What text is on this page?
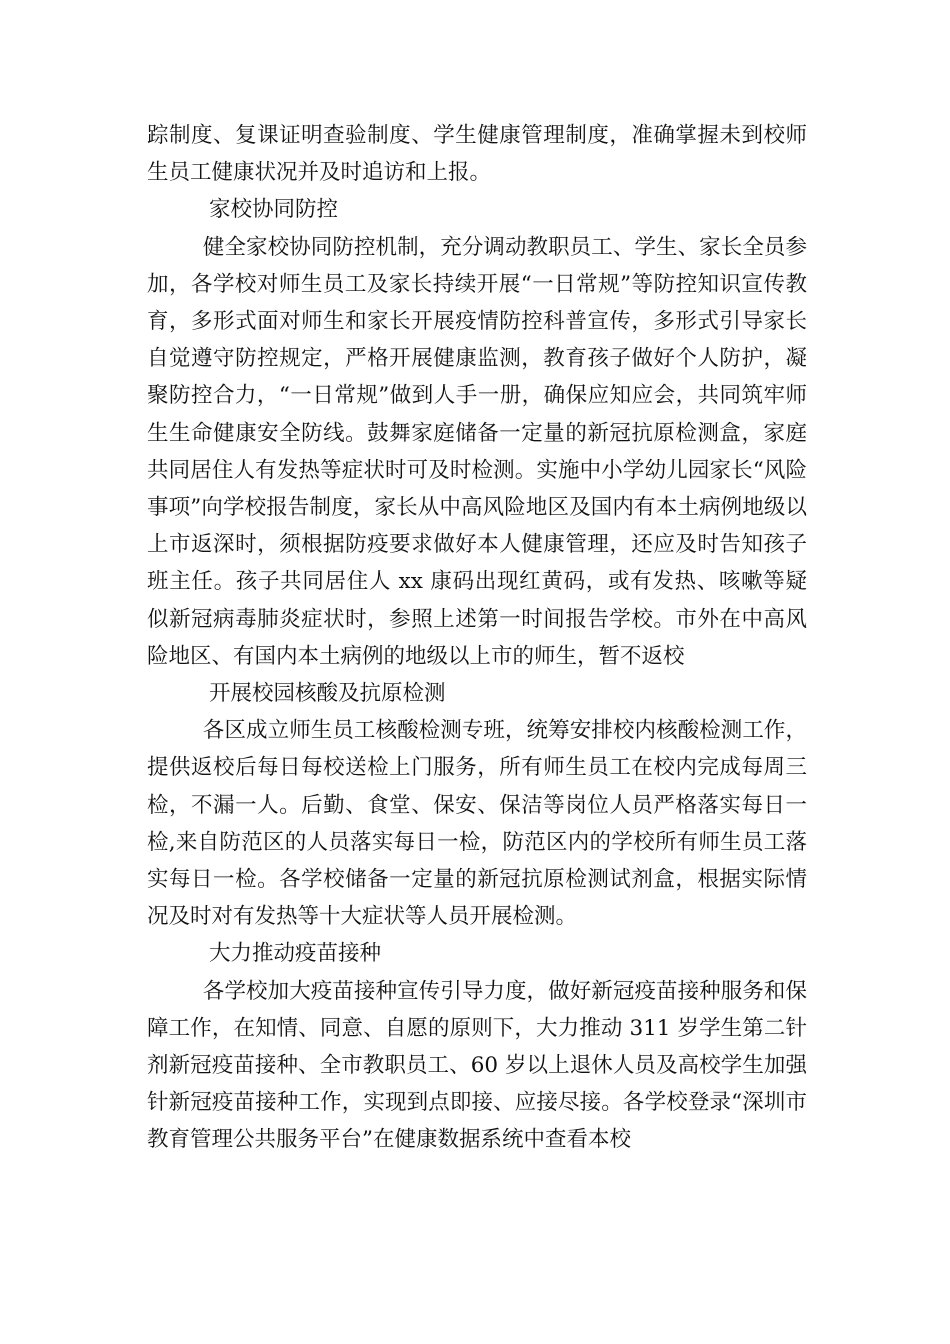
踪制度、复课证明查验制度、学生健康管理制度，准确掌握未到校师生员工健康状况并及时追访和上报。

家校协同防控

健全家校协同防控机制，充分调动教职员工、学生、家长全员参加，各学校对师生员工及家长持续开展“一日常规”等防控知识宣传教育，多形式面对师生和家长开展疫情防控科普宣传，多形式引导家长自觉遵守防控规定，严格开展健康监测，教育孩子做好个人防护，凝聚防控合力，“一日常规”做到人手一册，确保应知应会，共同筑牢师生生命健康安全防线。鼓舞家庭储备一定量的新冠抗原检测盒，家庭共同居住人有发热等症状时可及时检测。实施中小学幼儿园家长“风险事项”向学校报告制度，家长从中高风险地区及国内有本土病例地级以上市返深时，须根据防疫要求做好本人健康管理，还应及时告知孩子班主任。孩子共同居住人 xx 康码出现红黄码，或有发热、咳嗽等疑似新冠病毒肺炎症状时，参照上述第一时间报告学校。市外在中高风险地区、有国内本土病例的地级以上市的师生，暂不返校

开展校园核酸及抗原检测

各区成立师生员工核酸检测专班，统筹安排校内核酸检测工作，提供返校后每日每校送检上门服务，所有师生员工在校内完成每周三检，不漏一人。后勤、食堂、保安、保洁等岗位人员严格落实每日一检,来自防范区的人员落实每日一检，防范区内的学校所有师生员工落实每日一检。各学校储备一定量的新冠抗原检测试剂盒，根据实际情况及时对有发热等十大症状等人员开展检测。

大力推动疫苗接种

各学校加大疫苗接种宣传引导力度，做好新冠疫苗接种服务和保障工作，在知情、同意、自愿的原则下，大力推动 311 岁学生第二针剂新冠疫苗接种、全市教职员工、60 岁以上退休人员及高校学生加强针新冠疫苗接种工作，实现到点即接、应接尽接。各学校登录“深圳市教育管理公共服务平台”在健康数据系统中查看本校
